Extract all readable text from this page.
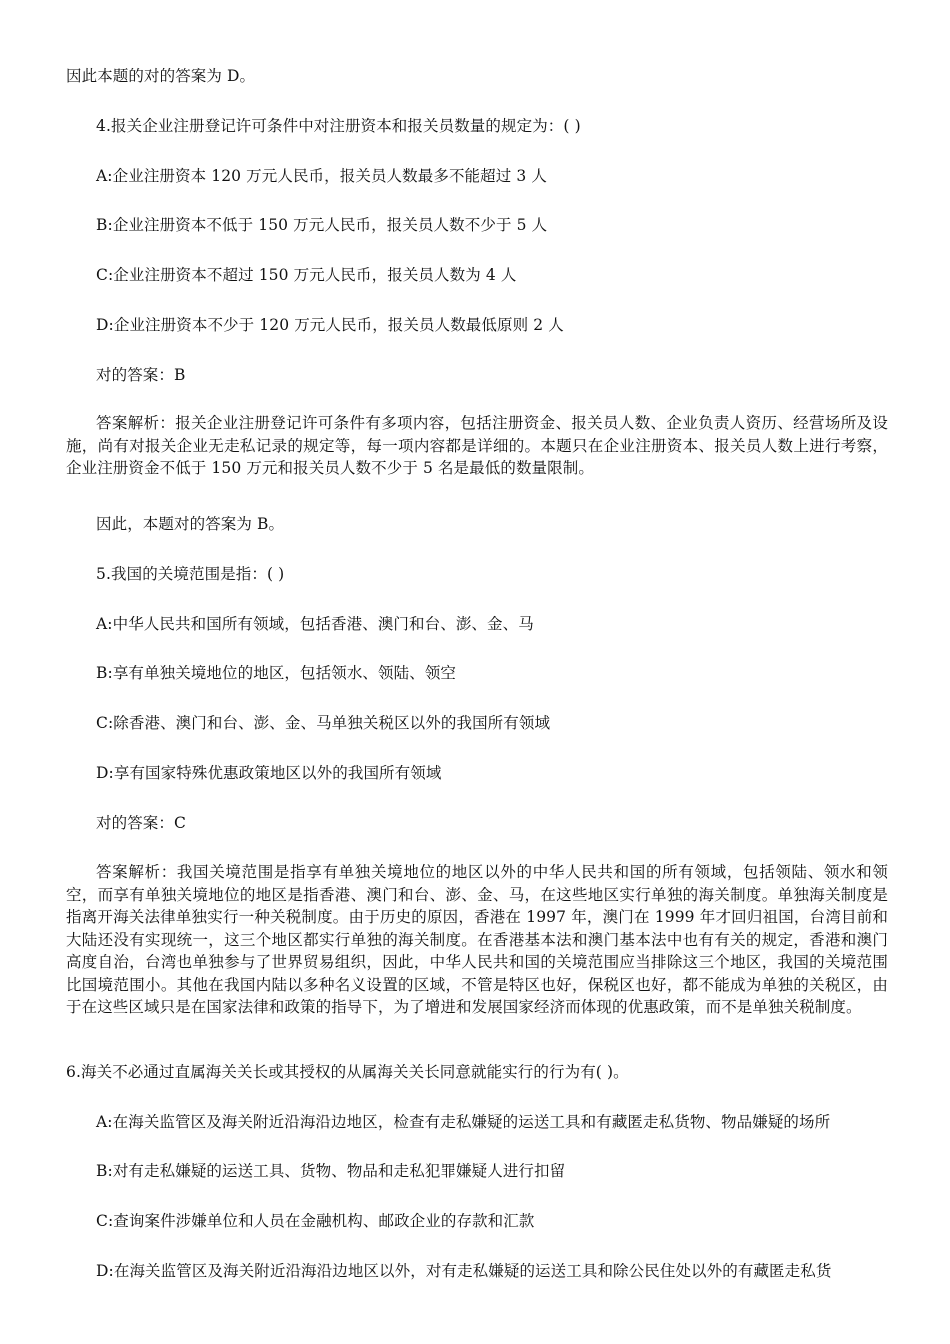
因此本题的对的答案为 D。
4.报关企业注册登记许可条件中对注册资本和报关员数量的规定为：( )
A:企业注册资本 120 万元人民币，报关员人数最多不能超过 3 人
B:企业注册资本不低于 150 万元人民币，报关员人数不少于 5 人
C:企业注册资本不超过 150 万元人民币，报关员人数为 4 人
D:企业注册资本不少于 120 万元人民币，报关员人数最低原则 2 人
对的答案：B
答案解析：报关企业注册登记许可条件有多项内容，包括注册资金、报关员人数、企业负责人资历、经营场所及设施，尚有对报关企业无走私记录的规定等，每一项内容都是详细的。本题只在企业注册资本、报关员人数上进行考察，企业注册资金不低于 150 万元和报关员人数不少于 5 名是最低的数量限制。
因此，本题对的答案为 B。
5.我国的关境范围是指：( )
A:中华人民共和国所有领域，包括香港、澳门和台、澎、金、马
B:享有单独关境地位的地区，包括领水、领陆、领空
C:除香港、澳门和台、澎、金、马单独关税区以外的我国所有领域
D:享有国家特殊优惠政策地区以外的我国所有领域
对的答案：C
答案解析：我国关境范围是指享有单独关境地位的地区以外的中华人民共和国的所有领域，包括领陆、领水和领空，而享有单独关境地位的地区是指香港、澳门和台、澎、金、马，在这些地区实行单独的海关制度。单独海关制度是指离开海关法律单独实行一种关税制度。由于历史的原因，香港在 1997 年，澳门在 1999 年才回归祖国，台湾目前和大陆还没有实现统一，这三个地区都实行单独的海关制度。在香港基本法和澳门基本法中也有有关的规定，香港和澳门高度自治，台湾也单独参与了世界贸易组织，因此，中华人民共和国的关境范围应当排除这三个地区，我国的关境范围比国境范围小。其他在我国内陆以多种名义设置的区域，不管是特区也好，保税区也好，都不能成为单独的关税区，由于在这些区域只是在国家法律和政策的指导下，为了增进和发展国家经济而体现的优惠政策，而不是单独关税制度。
6.海关不必通过直属海关关长或其授权的从属海关关长同意就能实行的行为有( )。
A:在海关监管区及海关附近沿海沿边地区，检查有走私嫌疑的运送工具和有藏匿走私货物、物品嫌疑的场所
B:对有走私嫌疑的运送工具、货物、物品和走私犯罪嫌疑人进行扣留
C:查询案件涉嫌单位和人员在金融机构、邮政企业的存款和汇款
D:在海关监管区及海关附近沿海沿边地区以外，对有走私嫌疑的运送工具和除公民住处以外的有藏匿走私货
